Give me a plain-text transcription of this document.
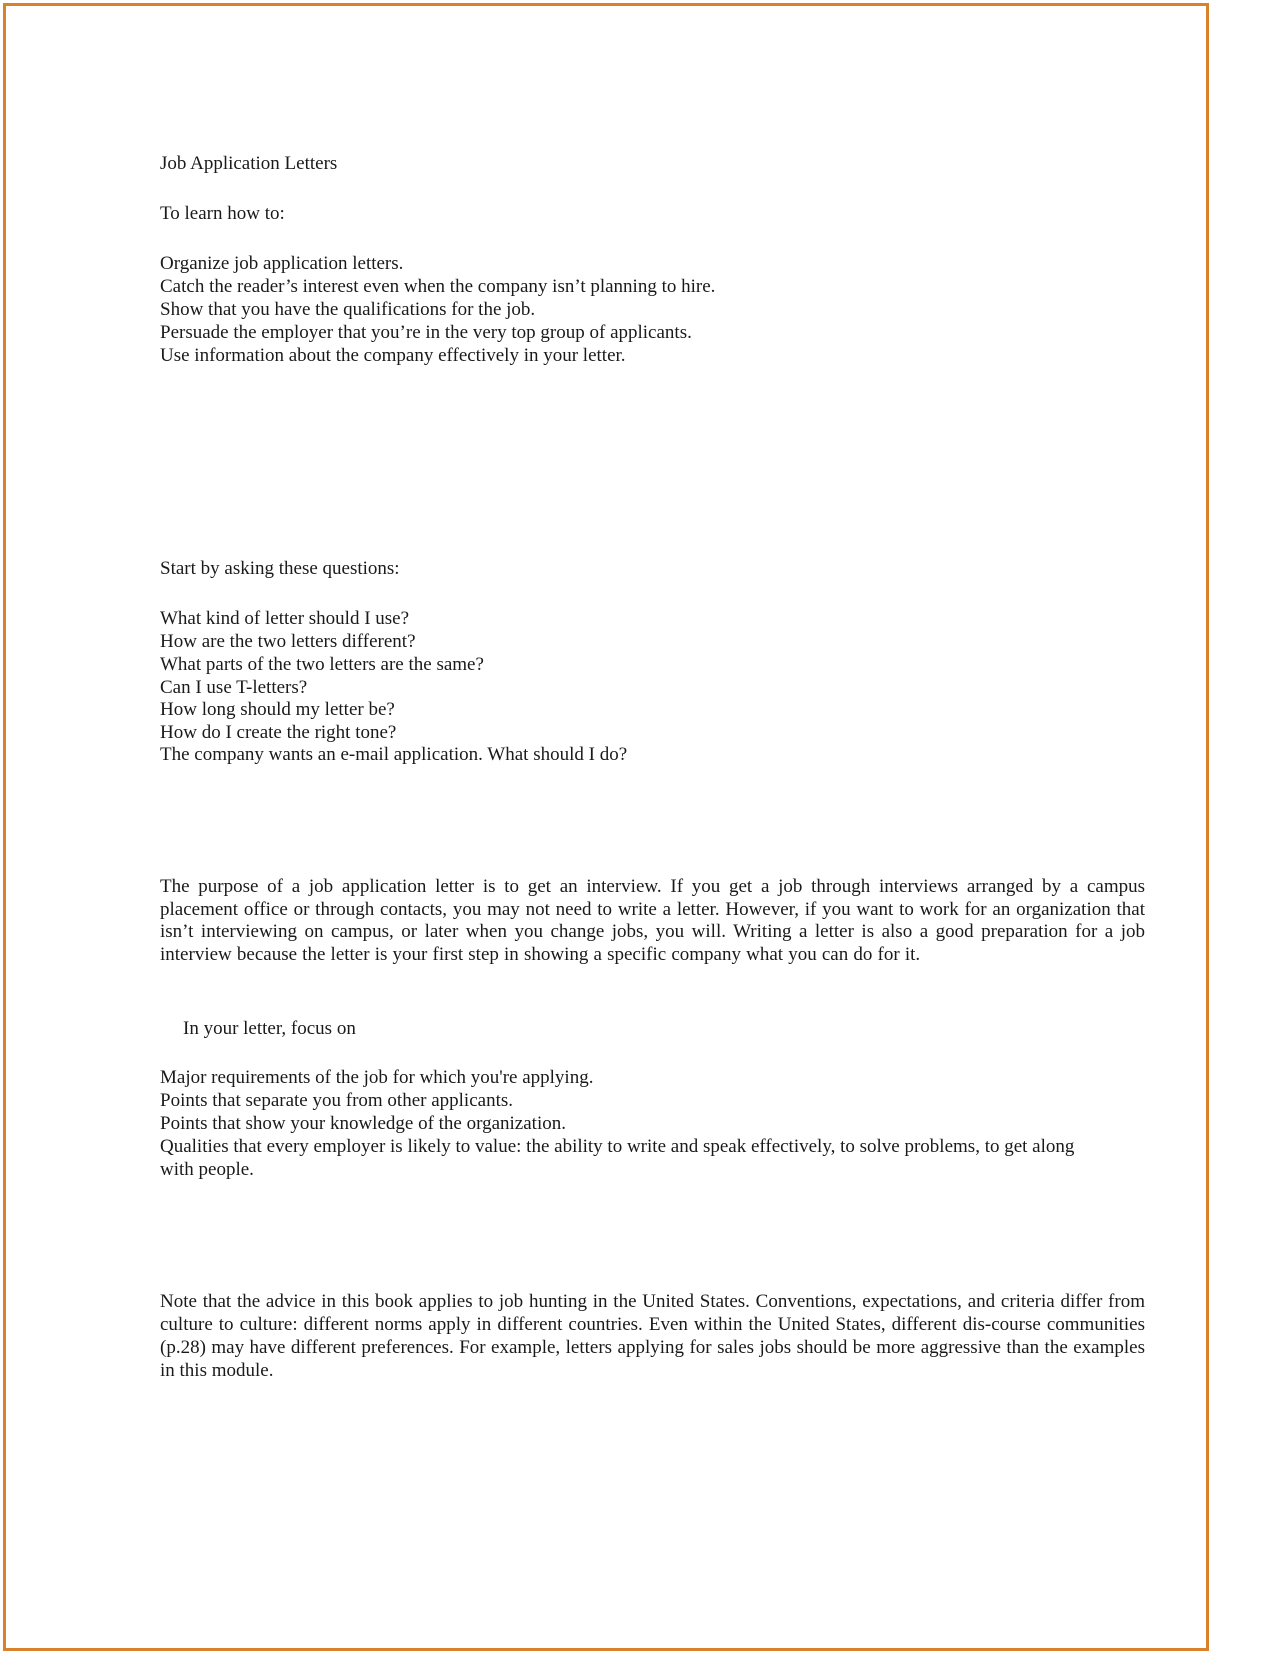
Job Application Letters
To learn how to:
Organize job application letters.
Catch the reader’s interest even when the company isn’t planning to hire.
Show that you have the qualifications for the job.
Persuade the employer that you’re in the very top group of applicants.
Use information about the company effectively in your letter.
Start by asking these questions:
What kind of letter should I use?
How are the two letters different?
What parts of the two letters are the same?
Can I use T-letters?
How long should my letter be?
How do I create the right tone?
The company wants an e-mail application. What should I do?
The purpose of a job application letter is to get an interview. If you get a job through interviews arranged by a campus placement office or through contacts, you may not need to write a letter. However, if you want to work for an organization that isn’t interviewing on campus, or later when you change jobs, you will. Writing a letter is also a good preparation for a job interview because the letter is your first step in showing a specific company what you can do for it.
In your letter, focus on
Major requirements of the job for which you're applying.
Points that separate you from other applicants.
Points that show your knowledge of the organization.
Qualities that every employer is likely to value: the ability to write and speak effectively, to solve problems, to get along with people.
Note that the advice in this book applies to job hunting in the United States. Conventions, expectations, and criteria differ from culture to culture: different norms apply in different countries. Even within the United States, different dis-course communities (p.28) may have different preferences. For example, letters applying for sales jobs should be more aggressive than the examples in this module.
